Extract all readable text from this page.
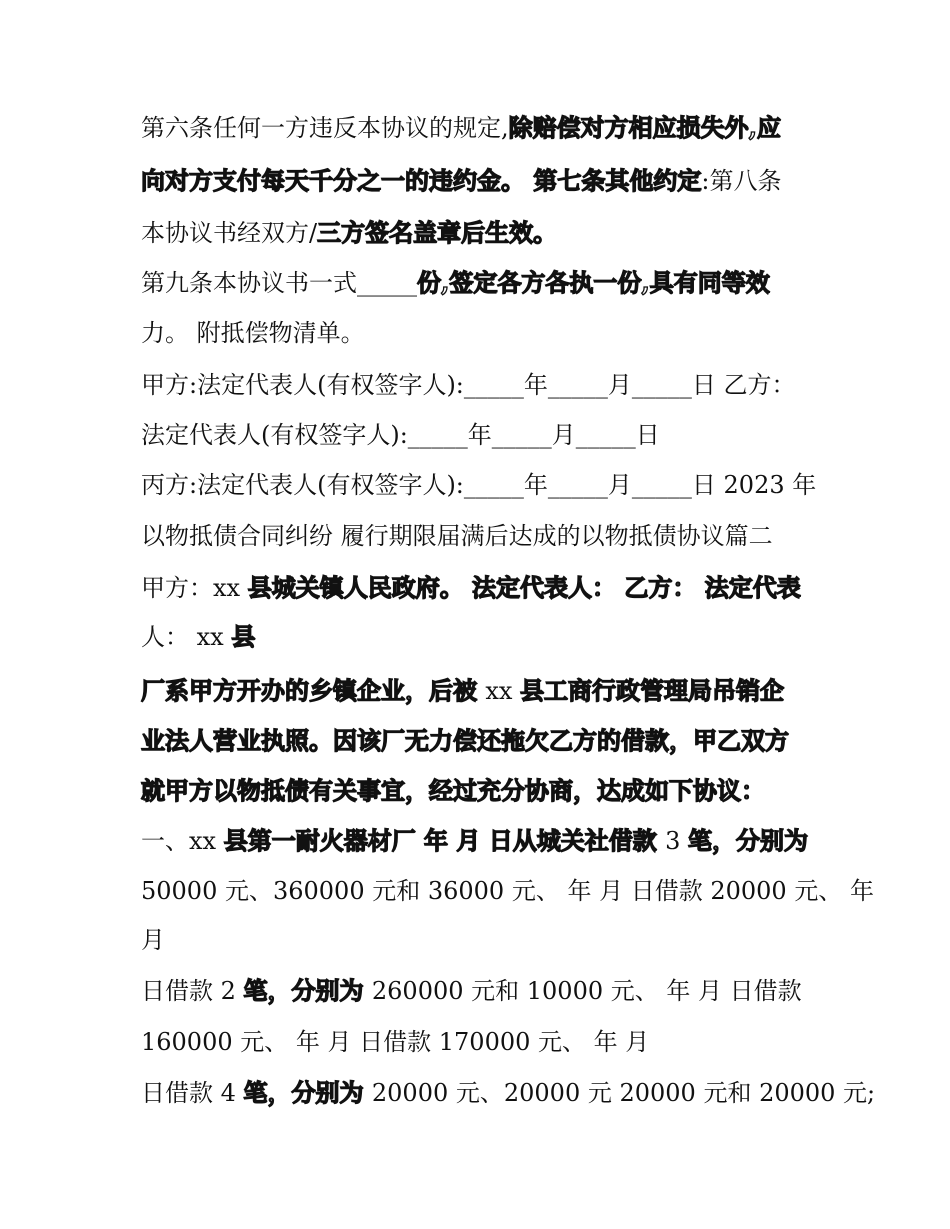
第六条任何一方违反本协议的规定,除赔偿对方相应损失外,应
向对方支付每天千分之一的违约金。 第七条其他约定:第八条
本协议书经双方/三方签名盖章后生效。
第九条本协议书一式_____份,签定各方各执一份,具有同等效
力。 附抵偿物清单。
甲方:法定代表人(有权签字人):_____年_____月_____日 乙方：
法定代表人(有权签字人):_____年_____月_____日
丙方:法定代表人(有权签字人):_____年_____月_____日 2023 年
以物抵债合同纠纷 履行期限届满后达成的以物抵债协议篇二
甲方：xx 县城关镇人民政府。 法定代表人： 乙方： 法定代表
人： xx 县
厂系甲方开办的乡镇企业，后被 xx 县工商行政管理局吊销企
业法人营业执照。因该厂无力偿还拖欠乙方的借款，甲乙双方
就甲方以物抵债有关事宜，经过充分协商，达成如下协议：
一、xx 县第一耐火器材厂 年 月 日从城关社借款 3 笔，分别为
50000 元、360000 元和 36000 元、 年 月 日借款 20000 元、 年
月
日借款 2 笔，分别为 260000 元和 10000 元、 年 月 日借款
160000 元、 年 月 日借款 170000 元、 年 月
日借款 4 笔，分别为 20000 元、20000 元 20000 元和 20000 元;
